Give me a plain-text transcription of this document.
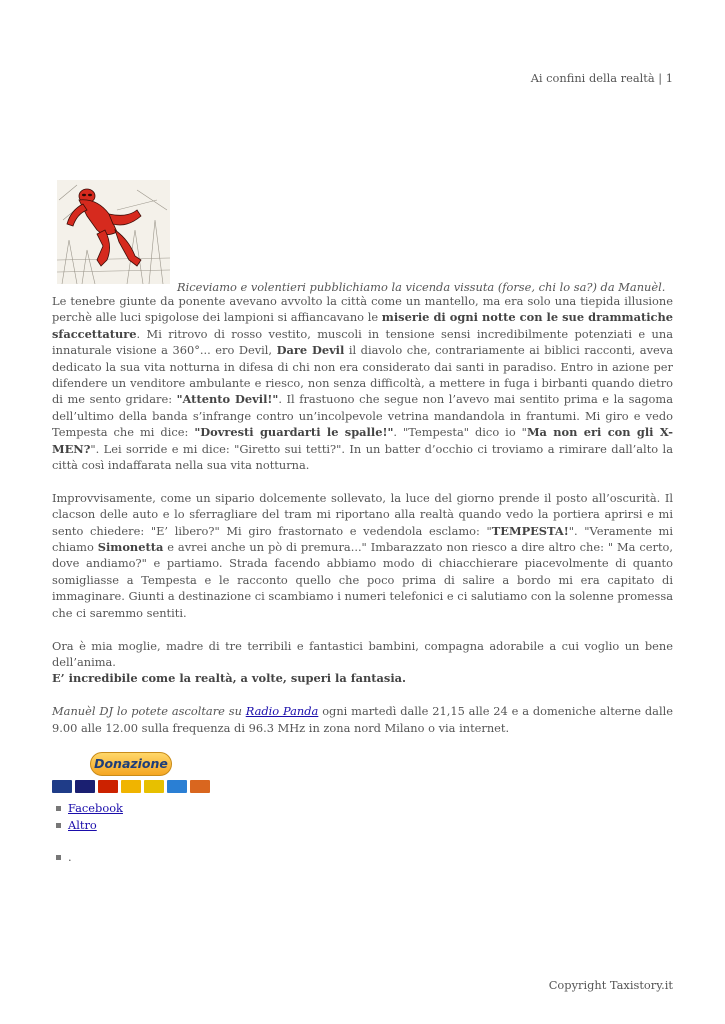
Ai confini della realtà | 1
Riceviamo e volentieri pubblichiamo la vicenda vissuta (forse, chi lo sa?) da Manuèl.

Le tenebre giunte da ponente avevano avvolto la città come un mantello, ma era solo una tiepida illusione perchè alle luci spigolose dei lampioni si affiancavano le miserie di ogni notte con le sue drammatiche sfaccettature. Mi ritrovo di rosso vestito, muscoli in tensione sensi incredibilmente potenziati e una innaturale visione a 360°... ero Devil, Dare Devil il diavolo che, contrariamente ai biblici racconti, aveva dedicato la sua vita notturna in difesa di chi non era considerato dai santi in paradiso. Entro in azione per difendere un venditore ambulante e riesco, non senza difficoltà, a mettere in fuga i birbanti quando dietro di me sento gridare: "Attento Devil!". Il frastuono che segue non l’avevo mai sentito prima e la sagoma dell’ultimo della banda s’infrange contro un’incolpevole vetrina mandandola in frantumi. Mi giro e vedo Tempesta che mi dice: "Dovresti guardarti le spalle!". "Tempesta" dico io "Ma non eri con gli X-MEN?". Lei sorride e mi dice: "Giretto sui tetti?". In un batter d’occhio ci troviamo a rimirare dall’alto la città così indaffarata nella sua vita notturna.

Improvvisamente, come un sipario dolcemente sollevato, la luce del giorno prende il posto all’oscurità. Il clacson delle auto e lo sferragliare del tram mi riportano alla realtà quando vedo la portiera aprirsi e mi sento chiedere: "E’ libero?" Mi giro frastornato e vedendola esclamo: "TEMPESTA!". "Veramente mi chiamo Simonetta e avrei anche un pò di premura..." Imbarazzato non riesco a dire altro che: " Ma certo, dove andiamo?" e partiamo. Strada facendo abbiamo modo di chiacchierare piacevolmente di quanto somigliasse a Tempesta e le racconto quello che poco prima di salire a bordo mi era capitato di immaginare. Giunti a destinazione ci scambiamo i numeri telefonici e ci salutiamo con la solenne promessa che ci saremmo sentiti.

Ora è mia moglie, madre di tre terribili e fantastici bambini, compagna adorabile a cui voglio un bene dell’anima.
E’ incredibile come la realtà, a volte, superi la fantasia.

Manuèl DJ lo potete ascoltare su Radio Panda ogni martedì dalle 21,15 alle 24 e a domeniche alterne dalle 9.00 alle 12.00 sulla frequenza di 96.3 MHz in zona nord Milano o via internet.

Donazione
Facebook
Altro
.
Copyright Taxistory.it
